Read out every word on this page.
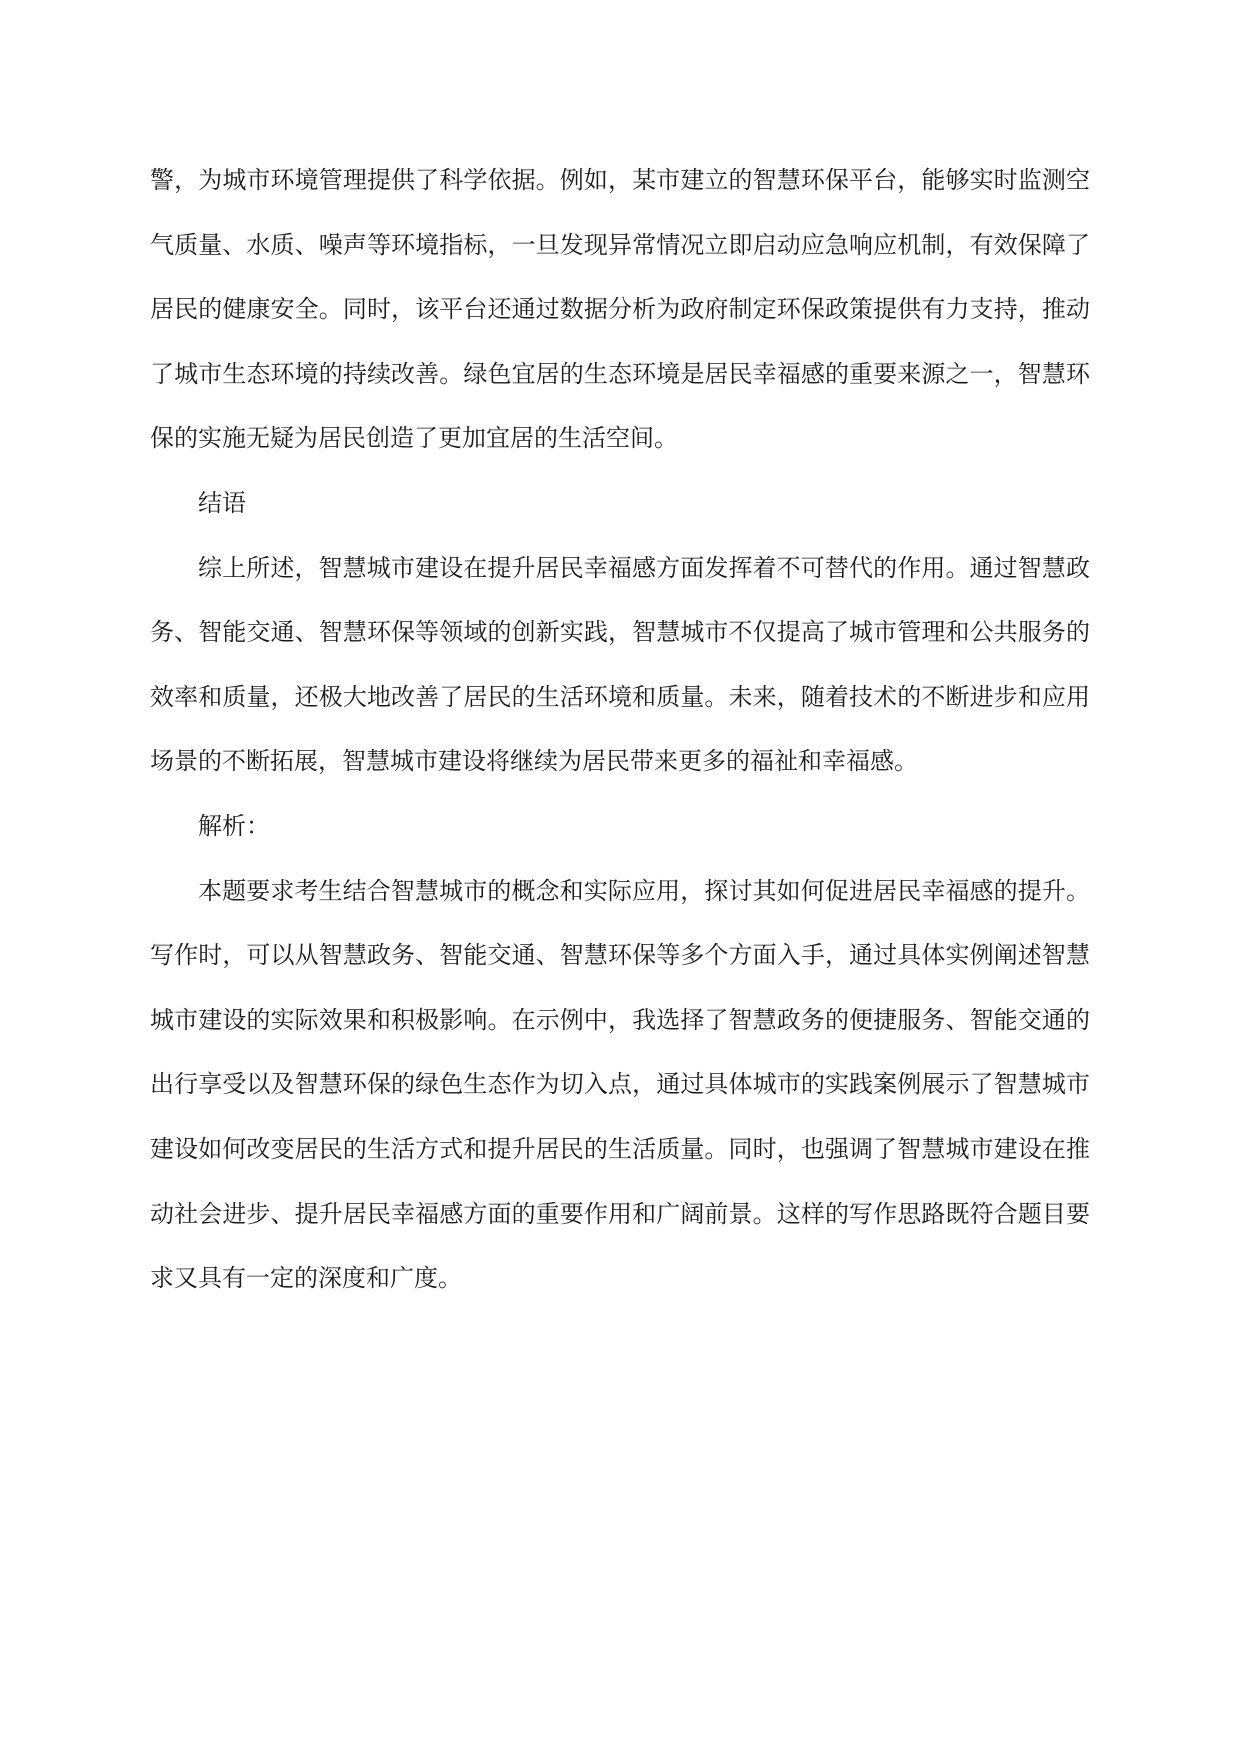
警，为城市环境管理提供了科学依据。例如，某市建立的智慧环保平台，能够实时监测空气质量、水质、噪声等环境指标，一旦发现异常情况立即启动应急响应机制，有效保障了居民的健康安全。同时，该平台还通过数据分析为政府制定环保政策提供有力支持，推动了城市生态环境的持续改善。绿色宜居的生态环境是居民幸福感的重要来源之一，智慧环保的实施无疑为居民创造了更加宜居的生活空间。

结语

综上所述，智慧城市建设在提升居民幸福感方面发挥着不可替代的作用。通过智慧政务、智能交通、智慧环保等领域的创新实践，智慧城市不仅提高了城市管理和公共服务的效率和质量，还极大地改善了居民的生活环境和质量。未来，随着技术的不断进步和应用场景的不断拓展，智慧城市建设将继续为居民带来更多的福祉和幸福感。

解析：

本题要求考生结合智慧城市的概念和实际应用，探讨其如何促进居民幸福感的提升。写作时，可以从智慧政务、智能交通、智慧环保等多个方面入手，通过具体实例阐述智慧城市建设的实际效果和积极影响。在示例中，我选择了智慧政务的便捷服务、智能交通的出行享受以及智慧环保的绿色生态作为切入点，通过具体城市的实践案例展示了智慧城市建设如何改变居民的生活方式和提升居民的生活质量。同时，也强调了智慧城市建设在推动社会进步、提升居民幸福感方面的重要作用和广阔前景。这样的写作思路既符合题目要求又具有一定的深度和广度。
